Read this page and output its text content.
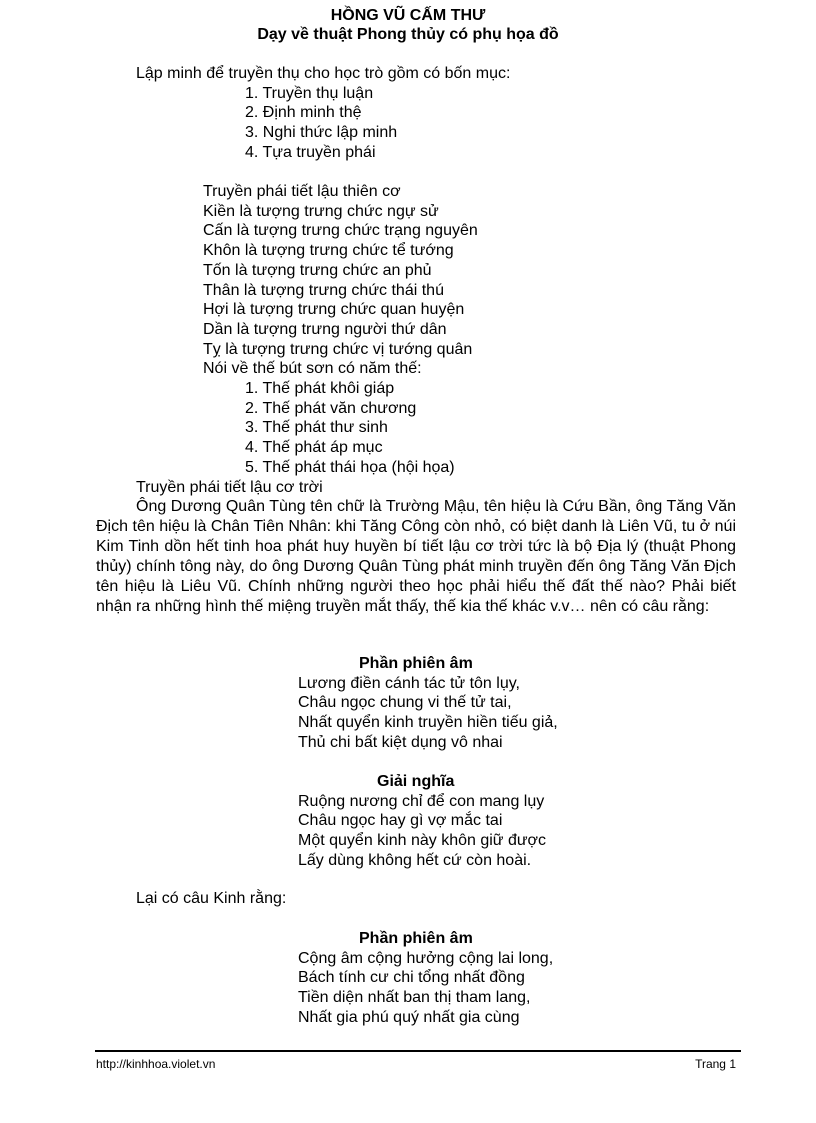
HỒNG VŨ CẤM THƯ
Dạy về thuật Phong thủy có phụ họa đồ
Lập minh để truyền thụ cho học trò gồm có bốn mục:
1. Truyền thụ luận
2. Định minh thệ
3. Nghi thức lập minh
4. Tựa truyền phái
Truyền phái tiết lậu thiên cơ
Kiền là tượng trưng chức ngự sử
Cấn là tượng trưng chức trạng nguyên
Khôn là tượng trưng chức tể tướng
Tốn là tượng trưng chức an phủ
Thân là tượng trưng chức thái thú
Hợi là tượng trưng chức quan huyện
Dần là tượng trưng người thứ dân
Tỵ là tượng trưng chức vị tướng quân
Nói về thế bút sơn có năm thế:
1. Thế phát khôi giáp
2. Thế phát văn chương
3. Thế phát thư sinh
4. Thế phát áp mục
5. Thế phát thái họa (hội họa)
Truyền phái tiết lậu cơ trời
Ông Dương Quân Tùng tên chữ là Trường Mậu, tên hiệu là Cứu Bần, ông Tăng Văn Địch tên hiệu là Chân Tiên Nhân: khi Tăng Công còn nhỏ, có biệt danh là Liên Vũ, tu ở núi Kim Tinh dồn hết tinh hoa phát huy huyền bí tiết lậu cơ trời tức là bộ Địa lý (thuật Phong thủy) chính tông này, do ông Dương Quân Tùng phát minh truyền đến ông Tăng Văn Địch tên hiệu là Liêu Vũ. Chính những người theo học phải hiểu thế đất thế nào? Phải biết nhận ra những hình thế miệng truyền mắt thấy, thế kia thế khác v.v… nên có câu rằng:
Phần phiên âm
Lương điền cánh tác tử tôn lụy,
Châu ngọc chung vi thế tử tai,
Nhất quyển kinh truyền hiền tiếu giả,
Thủ chi bất kiệt dụng vô nhai
Giải nghĩa
Ruộng nương chỉ để con mang lụy
Châu ngọc hay gì vợ mắc tai
Một quyển kinh này khôn giữ được
Lấy dùng không hết cứ còn hoài.
Lại có câu Kinh rằng:
Phần phiên âm
Cộng âm cộng hưởng cộng lai long,
Bách tính cư chi tổng nhất đồng
Tiền diện nhất ban thị tham lang,
Nhất gia phú quý nhất gia cùng
http://kinhhoa.violet.vn	Trang 1
